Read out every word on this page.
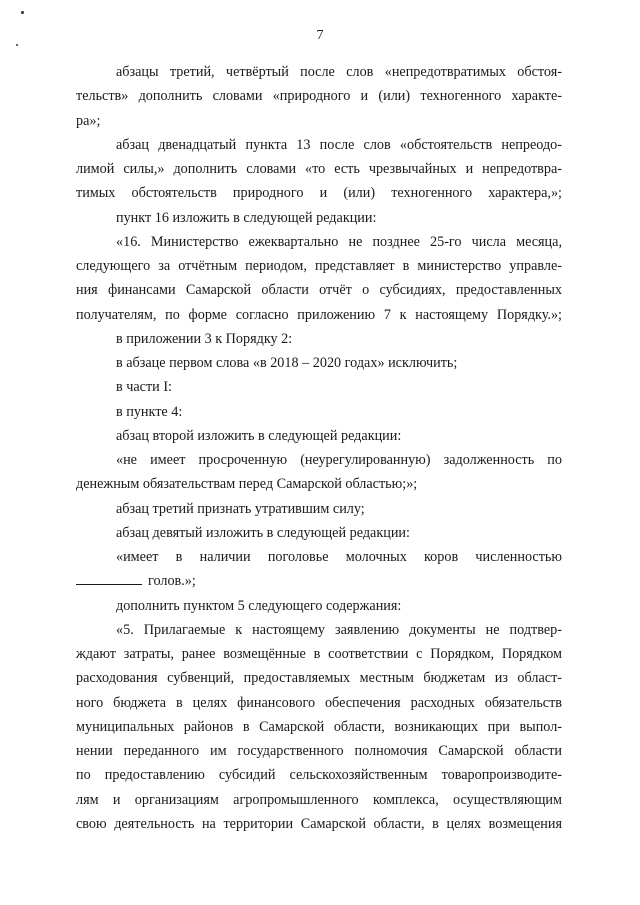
7
абзацы третий, четвёртый после слов «непредотвратимых обстоя-
тельств» дополнить словами «природного и (или) техногенного характе-
ра»;
абзац двенадцатый пункта 13 после слов «обстоятельств непреодо-
лимой силы,» дополнить словами «то есть чрезвычайных и непредотвра-
тимых обстоятельств природного и (или) техногенного характера,»;
пункт 16 изложить в следующей редакции:
«16. Министерство ежеквартально не позднее 25-го числа месяца,
следующего за отчётным периодом, представляет в министерство управле-
ния финансами Самарской области отчёт о субсидиях, предоставленных
получателям, по форме согласно приложению 7 к настоящему Порядку.»;
в приложении 3 к Порядку 2:
в абзаце первом слова «в 2018 – 2020 годах» исключить;
в части I:
в пункте 4:
абзац второй изложить в следующей редакции:
«не имеет просроченную (неурегулированную) задолженность по
денежным обязательствам перед Самарской областью;»;
абзац третий признать утратившим силу;
абзац девятый изложить в следующей редакции:
«имеет в наличии поголовье молочных коров численностью
голов.»;
дополнить пунктом 5 следующего содержания:
«5. Прилагаемые к настоящему заявлению документы не подтвер-
ждают затраты, ранее возмещённые в соответствии с Порядком, Порядком
расходования субвенций, предоставляемых местным бюджетам из област-
ного бюджета в целях финансового обеспечения расходных обязательств
муниципальных районов в Самарской области, возникающих при выпол-
нении переданного им государственного полномочия Самарской области
по предоставлению субсидий сельскохозяйственным товаропроизводите-
лям и организациям агропромышленного комплекса, осуществляющим
свою деятельность на территории Самарской области, в целях возмещения
